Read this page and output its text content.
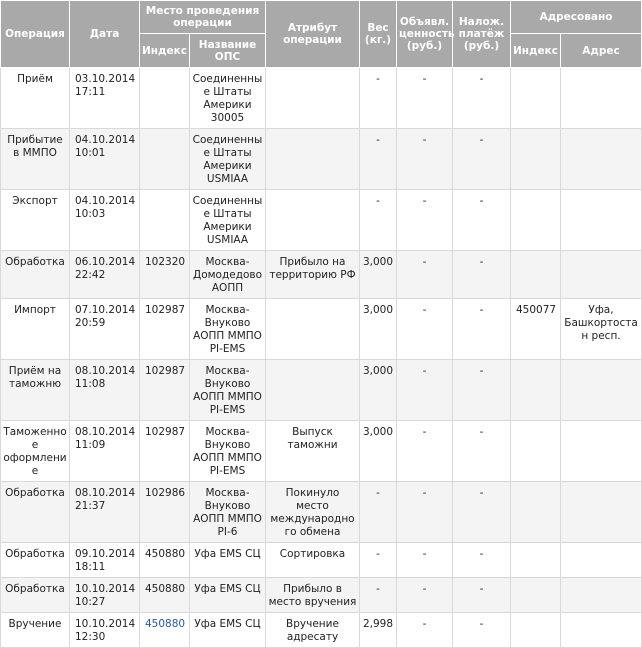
Операция	Дата	Место проведения операции		Атрибут операции	Вес (кг.)	Объявл. ценность (руб.)	Налож. платёж (руб.)	Адресовано	
		Индекс	Название ОПС					Индекс	Адрес
Приём	03.10.2014 17:11		Соединенные Штаты Америки 30005		-	-	-		
Прибытие в ММПО	04.10.2014 10:01		Соединенные Штаты Америки USMIAA		-	-	-		
Экспорт	04.10.2014 10:03		Соединенные Штаты Америки USMIAA		-	-	-		
Обработка	06.10.2014 22:42	102320	Москва-Домодедово АОПП	Прибыло на территорию РФ	3,000	-	-		
Импорт	07.10.2014 20:59	102987	Москва-Внуково АОПП ММПО PI-EMS		3,000	-	-	450077	Уфа, Башкортостан респ.
Приём на таможню	08.10.2014 11:08	102987	Москва-Внуково АОПП ММПО PI-EMS		3,000	-	-		
Таможенное оформление	08.10.2014 11:09	102987	Москва-Внуково АОПП ММПО PI-EMS	Выпуск таможни	3,000	-	-		
Обработка	08.10.2014 21:37	102986	Москва-Внуково АОПП ММПО PI-6	Покинуло место международного обмена	-	-	-		
Обработка	09.10.2014 18:11	450880	Уфа EMS СЦ	Сортировка	-	-	-		
Обработка	10.10.2014 10:27	450880	Уфа EMS СЦ	Прибыло в место вручения	-	-	-		
Вручение	10.10.2014 12:30	450880	Уфа EMS СЦ	Вручение адресату	2,998	-	-		
